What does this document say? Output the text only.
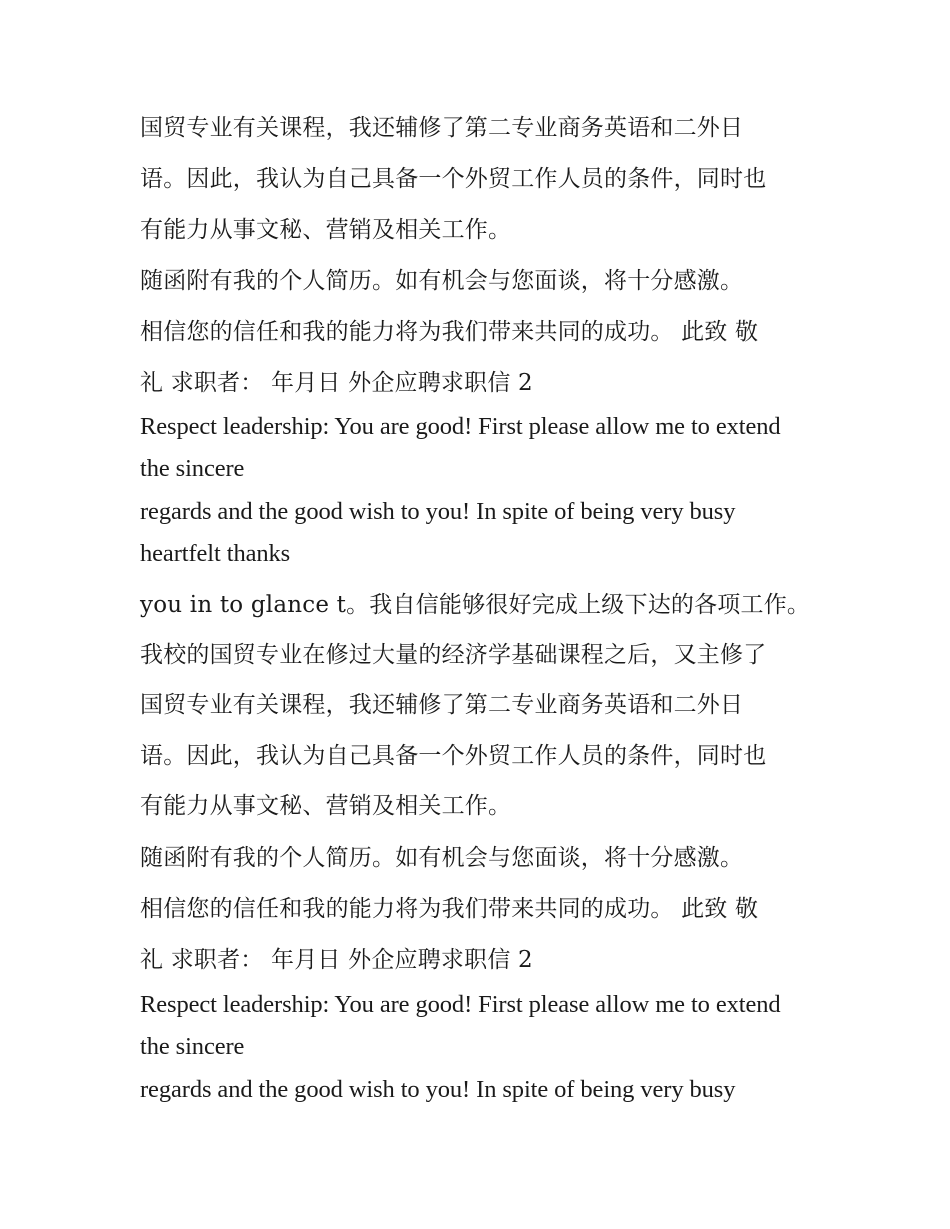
国贸专业有关课程，我还辅修了第二专业商务英语和二外日
语。因此，我认为自己具备一个外贸工作人员的条件，同时也
有能力从事文秘、营销及相关工作。
随函附有我的个人简历。如有机会与您面谈，将十分感激。
相信您的信任和我的能力将为我们带来共同的成功。 此致 敬
礼 求职者： 年月日 外企应聘求职信 2
Respect leadership: You are good! First please allow me to extend
the sincere
regards and the good wish to you! In spite of being very busy
heartfelt thanks
you in to glance t。我自信能够很好完成上级下达的各项工作。
我校的国贸专业在修过大量的经济学基础课程之后，又主修了
国贸专业有关课程，我还辅修了第二专业商务英语和二外日
语。因此，我认为自己具备一个外贸工作人员的条件，同时也
有能力从事文秘、营销及相关工作。
随函附有我的个人简历。如有机会与您面谈，将十分感激。
相信您的信任和我的能力将为我们带来共同的成功。 此致 敬
礼 求职者： 年月日 外企应聘求职信 2
Respect leadership: You are good! First please allow me to extend
the sincere
regards and the good wish to you! In spite of being very busy
